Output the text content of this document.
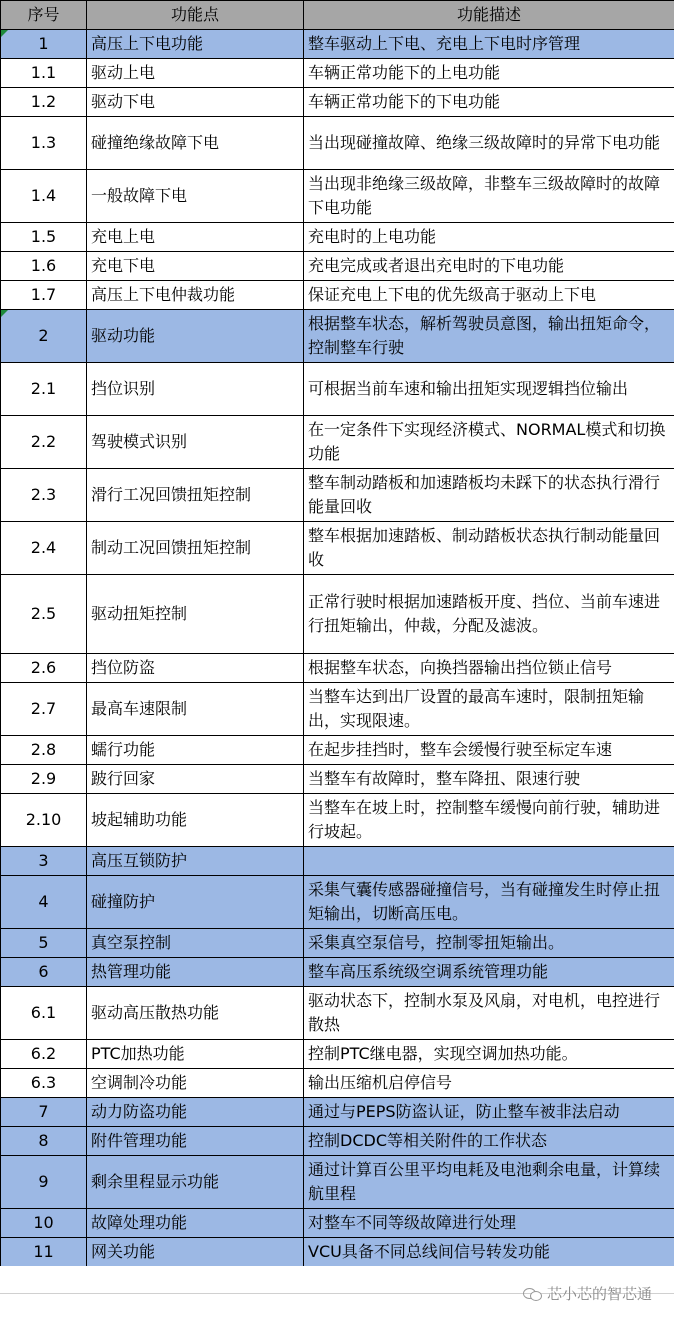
序号	功能点	功能描述
1	高压上下电功能	整车驱动上下电、充电上下电时序管理
1.1	驱动上电	车辆正常功能下的上电功能
1.2	驱动下电	车辆正常功能下的下电功能
1.3	碰撞绝缘故障下电	当出现碰撞故障、绝缘三级故障时的异常下电功能
1.4	一般故障下电	当出现非绝缘三级故障，非整车三级故障时的故障下电功能
1.5	充电上电	充电时的上电功能
1.6	充电下电	充电完成或者退出充电时的下电功能
1.7	高压上下电仲裁功能	保证充电上下电的优先级高于驱动上下电
2	驱动功能	根据整车状态，解析驾驶员意图，输出扭矩命令，控制整车行驶
2.1	挡位识别	可根据当前车速和输出扭矩实现逻辑挡位输出
2.2	驾驶模式识别	在一定条件下实现经济模式、NORMAL模式和切换功能
2.3	滑行工况回馈扭矩控制	整车制动踏板和加速踏板均未踩下的状态执行滑行能量回收
2.4	制动工况回馈扭矩控制	整车根据加速踏板、制动踏板状态执行制动能量回收
2.5	驱动扭矩控制	正常行驶时根据加速踏板开度、挡位、当前车速进行扭矩输出，仲裁，分配及滤波。
2.6	挡位防盗	根据整车状态，向换挡器输出挡位锁止信号
2.7	最高车速限制	当整车达到出厂设置的最高车速时，限制扭矩输出，实现限速。
2.8	蠕行功能	在起步挂挡时，整车会缓慢行驶至标定车速
2.9	跛行回家	当整车有故障时，整车降扭、限速行驶
2.10	坡起辅助功能	当整车在坡上时，控制整车缓慢向前行驶，辅助进行坡起。
3	高压互锁防护	
4	碰撞防护	采集气囊传感器碰撞信号，当有碰撞发生时停止扭矩输出，切断高压电。
5	真空泵控制	采集真空泵信号，控制零扭矩输出。
6	热管理功能	整车高压系统级空调系统管理功能
6.1	驱动高压散热功能	驱动状态下，控制水泵及风扇，对电机，电控进行散热
6.2	PTC加热功能	控制PTC继电器，实现空调加热功能。
6.3	空调制冷功能	输出压缩机启停信号
7	动力防盗功能	通过与PEPS防盗认证，防止整车被非法启动
8	附件管理功能	控制DCDC等相关附件的工作状态
9	剩余里程显示功能	通过计算百公里平均电耗及电池剩余电量，计算续航里程
10	故障处理功能	对整车不同等级故障进行处理
11	网关功能	VCU具备不同总线间信号转发功能
芯小芯的智芯通
